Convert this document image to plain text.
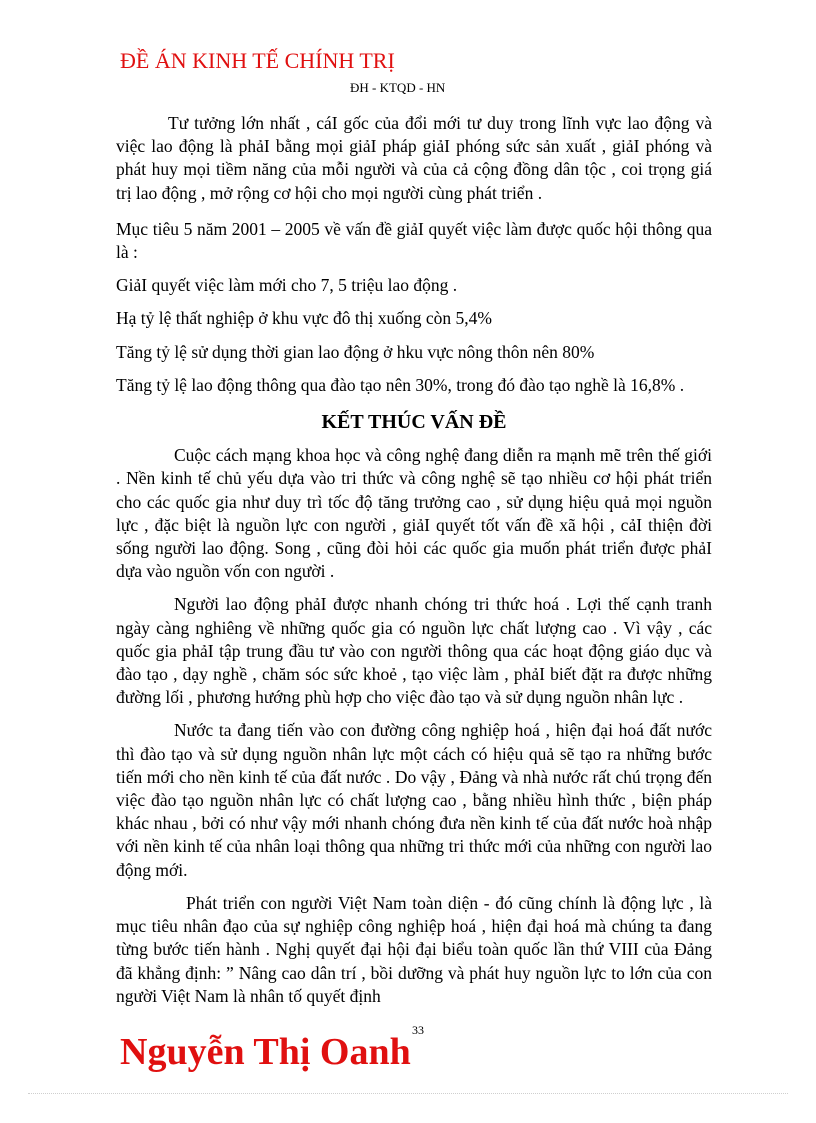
ĐỀ ÁN KINH TẾ CHÍNH TRỊ
ĐH - KTQD - HN

Tư tưởng lớn nhất , cáI gốc của đổi mới tư duy trong lĩnh vực lao động và việc lao động là phảI bằng mọi giảI pháp giảI phóng sức sản xuất , giảI phóng và phát huy mọi tiềm năng của mỗi người và của cả cộng đồng dân tộc , coi trọng giá trị lao động , mở rộng cơ hội cho mọi người cùng phát triển .

Mục tiêu 5 năm 2001 – 2005 về vấn đề giảI quyết việc làm được quốc hội thông qua là :

GiảI quyết việc làm mới cho 7, 5 triệu lao động .

Hạ tỷ lệ thất nghiệp ở khu vực đô thị xuống còn 5,4%

Tăng tỷ lệ sử dụng thời gian lao động ở hku vực nông thôn nên 80%

Tăng tỷ lệ lao động thông qua đào tạo nên 30%, trong đó đào tạo nghề là 16,8% .

KẾT THÚC VẤN ĐỀ

Cuộc cách mạng khoa học và công nghệ đang diễn ra mạnh mẽ trên thế giới . Nền kinh tế chủ yếu dựa vào tri thức và công nghệ sẽ tạo nhiều cơ hội phát triển cho các quốc gia như duy trì tốc độ tăng trưởng cao , sử dụng hiệu quả mọi nguồn lực , đặc biệt là nguồn lực con người , giảI quyết tốt vấn đề xã hội , cảI thiện đời sống người lao động. Song , cũng đòi hỏi các quốc gia muốn phát triển được phảI dựa vào nguồn vốn con người .

Người lao động phảI được nhanh chóng tri thức hoá . Lợi thế cạnh tranh ngày càng nghiêng về những quốc gia có nguồn lực chất lượng cao . Vì vậy , các quốc gia phảI tập trung đầu tư vào con người thông qua các hoạt động giáo dục và đào tạo , dạy nghề , chăm sóc sức khoẻ , tạo việc làm , phảI biết đặt ra được những đường lối , phương hướng phù hợp cho việc đào tạo và sử dụng nguồn nhân lực .

Nước ta đang tiến vào con đường công nghiệp hoá , hiện đại hoá đất nước thì đào tạo và sử dụng nguồn nhân lực một cách có hiệu quả sẽ tạo ra những bước tiến mới cho nền kinh tế của đất nước . Do vậy , Đảng và nhà nước rất chú trọng đến việc đào tạo nguồn nhân lực có chất lượng cao , bằng nhiều hình thức , biện pháp khác nhau , bởi có như vậy mới nhanh chóng đưa nền kinh tế của đất nước hoà nhập với nền kinh tế của nhân loại thông qua những tri thức mới của những con người lao động mới.

Phát triển con người Việt Nam toàn diện - đó cũng chính là động lực , là mục tiêu nhân đạo của sự nghiệp công nghiệp hoá , hiện đại hoá mà chúng ta đang từng bước tiến hành . Nghị quyết đại hội đại biểu toàn quốc lần thứ VIII của Đảng đã khẳng định: ” Nâng cao dân trí , bồi dưỡng và phát huy nguồn lực to lớn của con người Việt Nam là nhân tố quyết định

33
Nguyễn Thị Oanh
